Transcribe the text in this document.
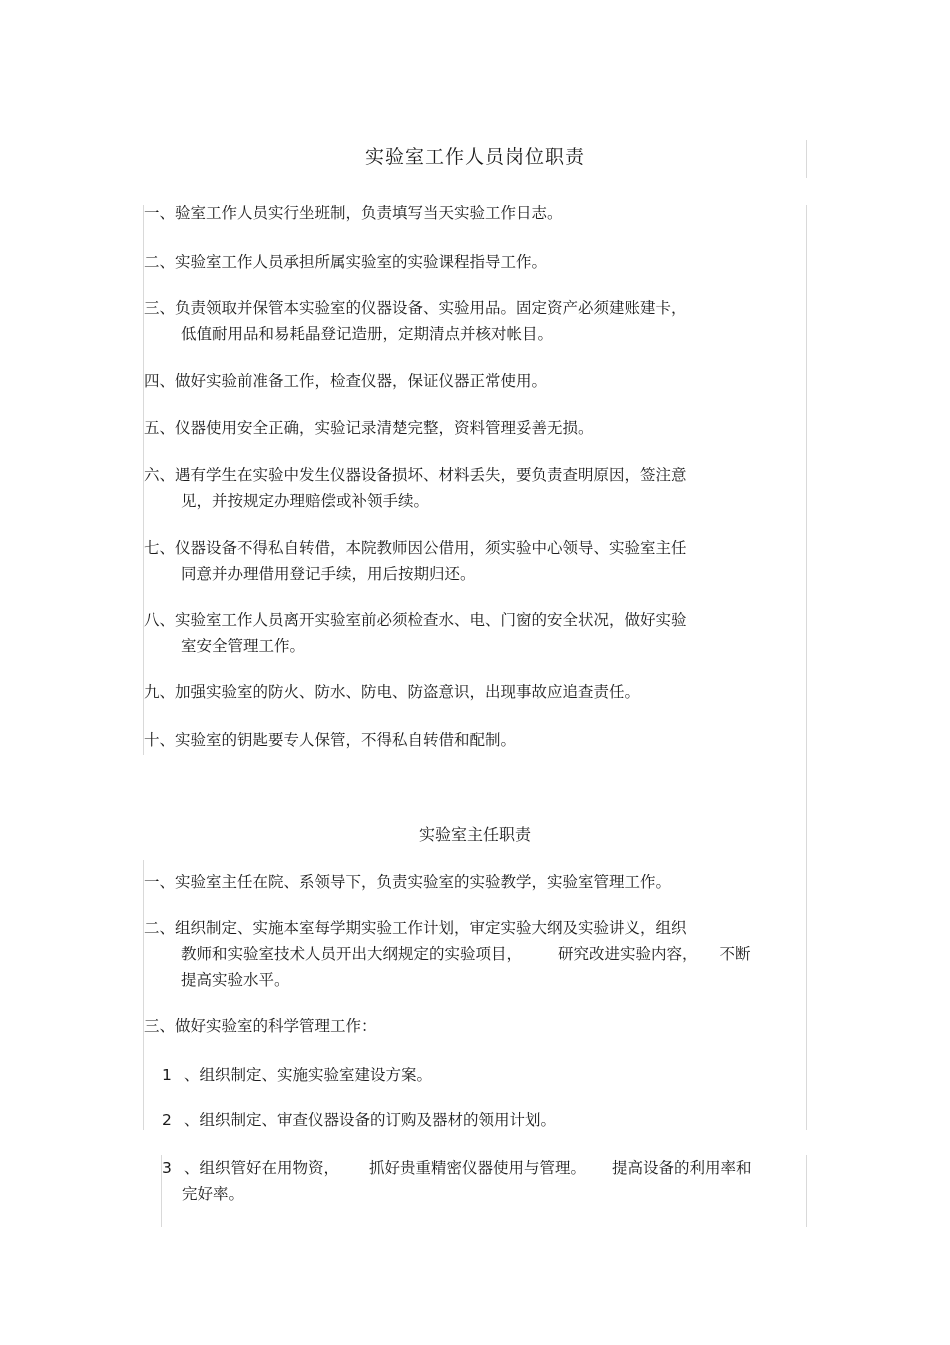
实验室工作人员岗位职责
一、验室工作人员实行坐班制，负责填写当天实验工作日志。
二、实验室工作人员承担所属实验室的实验课程指导工作。
三、负责领取并保管本实验室的仪器设备、实验用品。固定资产必须建账建卡，
低值耐用品和易耗晶登记造册，定期清点并核对帐目。
四、做好实验前准备工作，检查仪器，保证仪器正常使用。
五、仪器使用安全正确，实验记录清楚完整，资料管理妥善无损。
六、遇有学生在实验中发生仪器设备损坏、材料丢失，要负责查明原因，签注意
见，并按规定办理赔偿或补领手续。
七、仪器设备不得私自转借，本院教师因公借用，须实验中心领导、实验室主任
同意并办理借用登记手续，用后按期归还。
八、实验室工作人员离开实验室前必须检查水、电、门窗的安全状况，做好实验
室安全管理工作。
九、加强实验室的防火、防水、防电、防盗意识，出现事故应追查责任。
十、实验室的钥匙要专人保管，不得私自转借和配制。
实验室主任职责
一、实验室主任在院、系领导下，负责实验室的实验教学，实验室管理工作。
二、组织制定、实施本室每学期实验工作计划，审定实验大纲及实验讲义，组织
教师和实验室技术人员开出大纲规定的实验项目， 研究改进实验内容， 不断
提高实验水平。
三、做好实验室的科学管理工作：
1 、组织制定、实施实验室建设方案。
2 、组织制定、审查仪器设备的订购及器材的领用计划。
3 、组织管好在用物资， 抓好贵重精密仪器使用与管理。 提高设备的利用率和
完好率。
